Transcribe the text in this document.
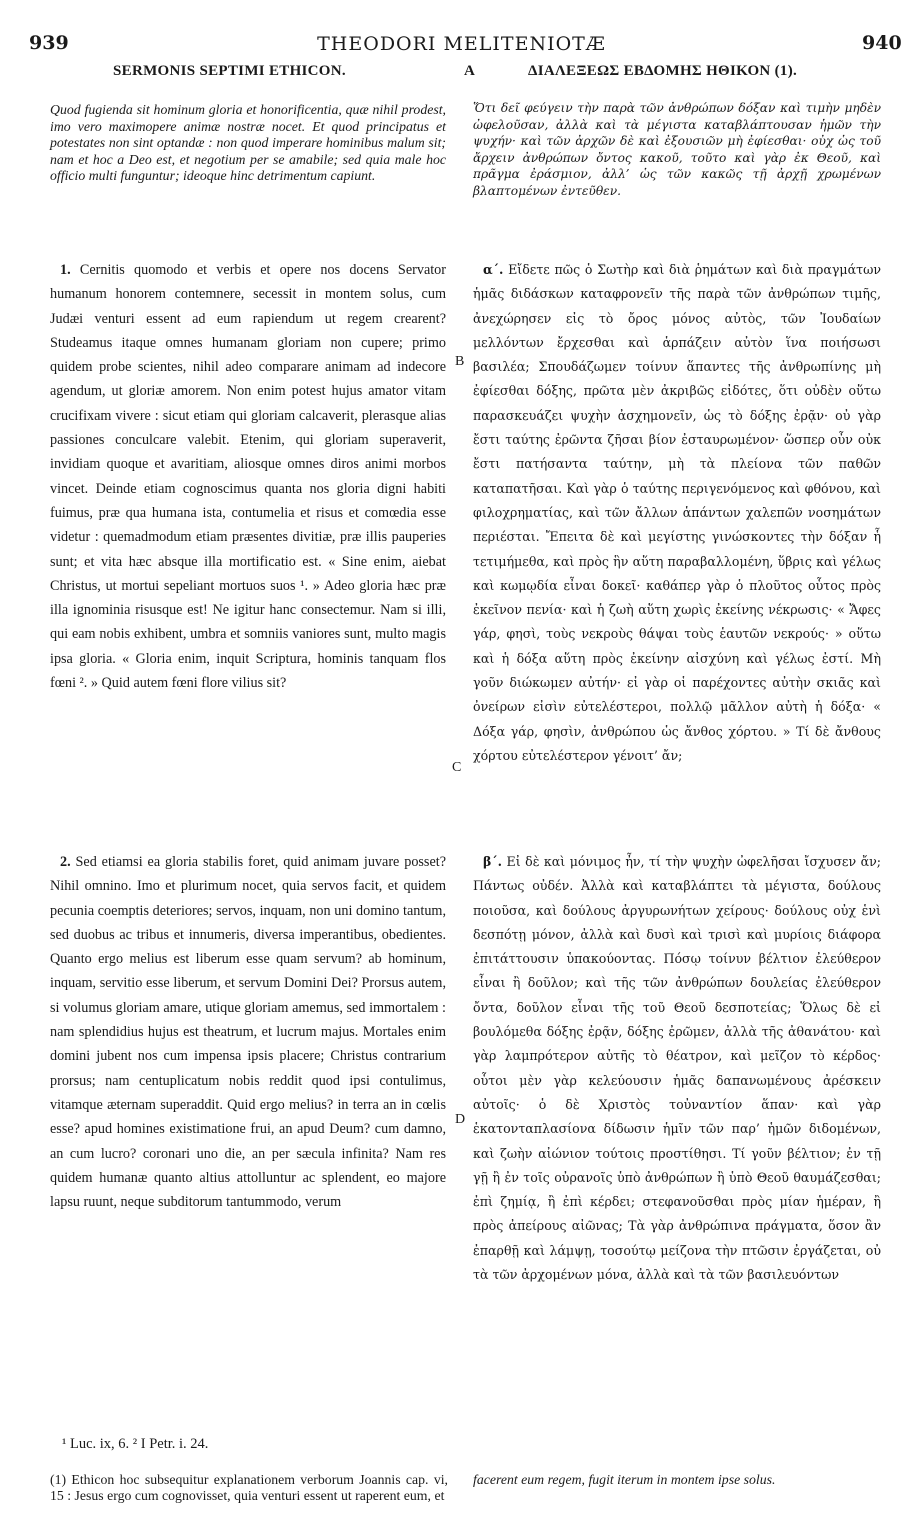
939	THEODORI MELITENIOTÆ	940
SERMONIS SEPTIMI ETHICON.	A	ΔΙΑΛΕΞΕΩΣ ΕΒΔΟΜΗΣ ΗΘΙΚΟΝ (1).
Quod fugienda sit hominum gloria et honorificentia, quæ nihil prodest, imo vero maximopere animæ nostræ nocet. Et quod principatus et potestates non sint optandæ : non quod imperare hominibus malum sit; nam et hoc a Deo est, et negotium per se amabile; sed quia male hoc officio multi funguntur; ideoque hinc detrimentum capiunt.
1. Cernitis quomodo et verbis et opere nos docens Servator humanum honorem contemnere, secessit in montem solus, cum Judæi venturi essent ad eum rapiendum ut regem crearent? Studeamus itaque omnes humanam gloriam non cupere; primo quidem probe scientes, nihil adeo comparare animam ad indecore agendum, ut gloriæ amorem. Non enim potest hujus amator vitam crucifixam vivere : sicut etiam qui gloriam calcaverit, plerasque alias passiones conculcare valebit. Etenim, qui gloriam superaverit, invidiam quoque et avaritiam, aliosque omnes diros animi morbos vincet. Deinde etiam cognoscimus quanta nos gloria digni habiti fuimus, præ qua humana ista, contumelia et risus et comœdia esse videtur : quemadmodum etiam præsentes divitiæ, præ illis pauperies sunt; et vita hæc absque illa mortificatio est. « Sine enim, aiebat Christus, ut mortui sepeliant mortuos suos ¹. » Adeo gloria hæc præ illa ignominia risusque est! Ne igitur hanc consectemur. Nam si illi, qui eam nobis exhibent, umbra et somniis vaniores sunt, multo magis ipsa gloria. « Gloria enim, inquit Scriptura, hominis tanquam flos fœni ². » Quid autem fœni flore vilius sit?
2. Sed etiamsi ea gloria stabilis foret, quid animam juvare posset? Nihil omnino. Imo et plurimum nocet, quia servos facit, et quidem pecunia coemptis deteriores; servos, inquam, non uni domino tantum, sed duobus ac tribus et innumeris, diversa imperantibus, obedientes. Quanto ergo melius est liberum esse quam servum? ab hominum, inquam, servitio esse liberum, et servum Domini Dei? Prorsus autem, si volumus gloriam amare, utique gloriam amemus, sed immortalem : nam splendidius hujus est theatrum, et lucrum majus. Mortales enim domini jubent nos cum impensa ipsis placere; Christus contrarium prorsus; nam centuplicatum nobis reddit quod ipsi contulimus, vitamque æternam superaddit. Quid ergo melius? in terra an in cœlis esse? apud homines existimatione frui, an apud Deum? cum damno, an cum lucro? coronari uno die, an per sæcula infinita? Nam res quidem humanæ quanto altius attolluntur ac splendent, eo majore lapsu ruunt, neque subditorum tantummodo, verum
B
C
D
Ὅτι δεῖ φεύγειν τὴν παρὰ τῶν ἀνθρώπων δόξαν καὶ τιμὴν μηδὲν ὠφελοῦσαν, ἀλλὰ καὶ τὰ μέγιστα καταβλάπτουσαν ἡμῶν τὴν ψυχήν· καὶ τῶν ἀρχῶν δὲ καὶ ἐξουσιῶν μὴ ἐφίεσθαι· οὐχ ὡς τοῦ ἄρχειν ἀνθρώπων ὄντος κακοῦ, τοῦτο καὶ γὰρ ἐκ Θεοῦ, καὶ πρᾶγμα ἐράσμιον, ἀλλ’ ὡς τῶν κακῶς τῇ ἀρχῇ χρωμένων βλαπτομένων ἐντεῦθεν.
α΄. Εἴδετε πῶς ὁ Σωτὴρ καὶ διὰ ῥημάτων καὶ διὰ πραγμάτων ἡμᾶς διδάσκων καταφρονεῖν τῆς παρὰ τῶν ἀνθρώπων τιμῆς, ἀνεχώρησεν εἰς τὸ ὄρος μόνος αὐτὸς, τῶν Ἰουδαίων μελλόντων ἔρχεσθαι καὶ ἁρπάζειν αὐτὸν ἵνα ποιήσωσι βασιλέα; Σπουδάζωμεν τοίνυν ἅπαντες τῆς ἀνθρωπίνης μὴ ἐφίεσθαι δόξης, πρῶτα μὲν ἀκριβῶς εἰδότες, ὅτι οὐδὲν οὕτω παρασκευάζει ψυχὴν ἀσχημονεῖν, ὡς τὸ δόξης ἐρᾷν· οὐ γὰρ ἔστι ταύτης ἐρῶντα ζῆσαι βίον ἐσταυρωμένον· ὥσπερ οὖν οὐκ ἔστι πατήσαντα ταύτην, μὴ τὰ πλείονα τῶν παθῶν καταπατῆσαι. Καὶ γὰρ ὁ ταύτης περιγενόμενος καὶ φθόνου, καὶ φιλοχρηματίας, καὶ τῶν ἄλλων ἁπάντων χαλεπῶν νοσημάτων περιέσται. Ἔπειτα δὲ καὶ μεγίστης γινώσκοντες τὴν δόξαν ἧ τετιμήμεθα, καὶ πρὸς ἣν αὕτη παραβαλλομένη, ὕβρις καὶ γέλως καὶ κωμῳδία εἶναι δοκεῖ· καθάπερ γὰρ ὁ πλοῦτος οὗτος πρὸς ἐκεῖνον πενία· καὶ ἡ ζωὴ αὕτη χωρὶς ἐκείνης νέκρωσις· « Ἄφες γάρ, φησὶ, τοὺς νεκροὺς θάψαι τοὺς ἑαυτῶν νεκρούς· » οὕτω καὶ ἡ δόξα αὕτη πρὸς ἐκείνην αἰσχύνη καὶ γέλως ἐστί. Μὴ γοῦν διώκωμεν αὐτήν· εἰ γὰρ οἱ παρέχοντες αὐτὴν σκιᾶς καὶ ὀνείρων εἰσὶν εὐτελέστεροι, πολλῷ μᾶλλον αὐτὴ ἡ δόξα· « Δόξα γάρ, φησὶν, ἀνθρώπου ὡς ἄνθος χόρτου. » Τί δὲ ἄνθους χόρτου εὐτελέστερον γένοιτ’ ἄν;
β΄. Εἰ δὲ καὶ μόνιμος ἦν, τί τὴν ψυχὴν ὠφελῆσαι ἴσχυσεν ἄν; Πάντως οὐδέν. Ἀλλὰ καὶ καταβλάπτει τὰ μέγιστα, δούλους ποιοῦσα, καὶ δούλους ἀργυρωνήτων χείρους· δούλους οὐχ ἑνὶ δεσπότῃ μόνον, ἀλλὰ καὶ δυσὶ καὶ τρισὶ καὶ μυρίοις διάφορα ἐπιτάττουσιν ὑπακούοντας. Πόσῳ τοίνυν βέλτιον ἐλεύθερον εἶναι ἢ δοῦλον; καὶ τῆς τῶν ἀνθρώπων δουλείας ἐλεύθερον ὄντα, δοῦλον εἶναι τῆς τοῦ Θεοῦ δεσποτείας; Ὅλως δὲ εἰ βουλόμεθα δόξης ἐρᾷν, δόξης ἐρῶμεν, ἀλλὰ τῆς ἀθανάτου· καὶ γὰρ λαμπρότερον αὐτῆς τὸ θέατρον, καὶ μεῖζον τὸ κέρδος· οὗτοι μὲν γὰρ κελεύουσιν ἡμᾶς δαπανωμένους ἀρέσκειν αὐτοῖς· ὁ δὲ Χριστὸς τοὐναντίον ἅπαν· καὶ γὰρ ἑκατονταπλασίονα δίδωσιν ἡμῖν τῶν παρ’ ἡμῶν διδομένων, καὶ ζωὴν αἰώνιον τούτοις προστίθησι. Τί γοῦν βέλτιον; ἐν τῇ γῇ ἢ ἐν τοῖς οὐρανοῖς ὑπὸ ἀνθρώπων ἢ ὑπὸ Θεοῦ θαυμάζεσθαι; ἐπὶ ζημίᾳ, ἢ ἐπὶ κέρδει; στεφανοῦσθαι πρὸς μίαν ἡμέραν, ἢ πρὸς ἀπείρους αἰῶνας; Τὰ γὰρ ἀνθρώπινα πράγματα, ὅσον ἂν ἐπαρθῇ καὶ λάμψῃ, τοσούτῳ μείζονα τὴν πτῶσιν ἐργάζεται, οὐ τὰ τῶν ἀρχομένων μόνα, ἀλλὰ καὶ τὰ τῶν βασιλευόντων
¹ Luc. ix, 6. ² I Petr. i. 24.
(1) Ethicon hoc subsequitur explanationem verborum Joannis cap. vi, 15 : Jesus ergo cum cognovisset, quia venturi essent ut raperent eum, et
facerent eum regem, fugit iterum in montem ipse solus.
